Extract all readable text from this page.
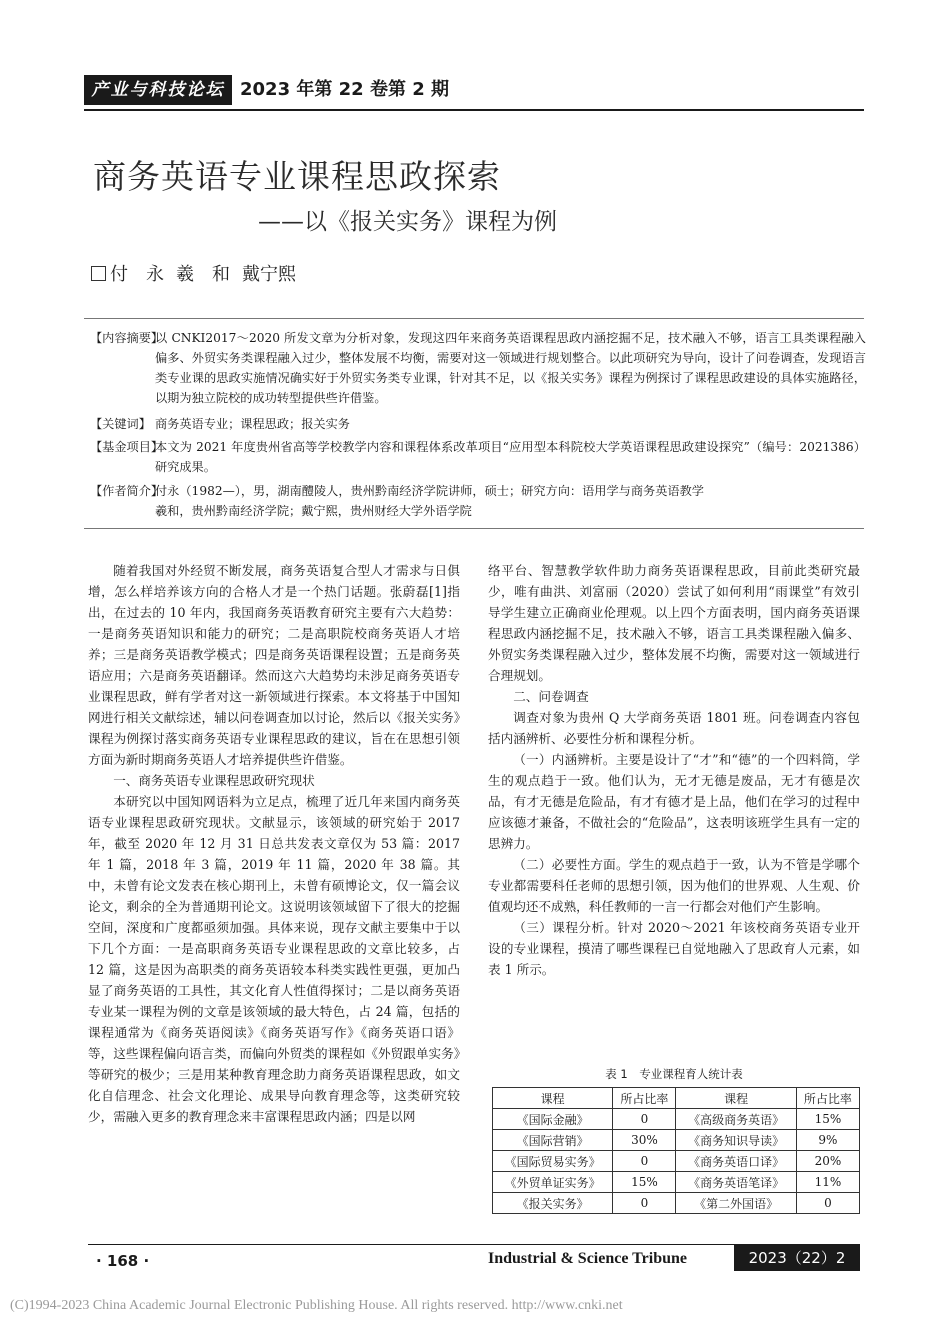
产业与科技论坛 2023 年第 22 卷第 2 期
商务英语专业课程思政探索
——以《报关实务》课程为例
付　永 羲　和 戴宁熙
【内容摘要】
以 CNKI2017～2020 所发文章为分析对象，发现这四年来商务英语课程思政内涵挖掘不足，技术融入不够，语言工具类课程融入偏多、外贸实务类课程融入过少，整体发展不均衡，需要对这一领域进行规划整合。以此项研究为导向，设计了问卷调查，发现语言类专业课的思政实施情况确实好于外贸实务类专业课，针对其不足，以《报关实务》课程为例探讨了课程思政建设的具体实施路径，以期为独立院校的成功转型提供些许借鉴。
【关键词】 商务英语专业；课程思政；报关实务
【基金项目】
本文为 2021 年度贵州省高等学校教学内容和课程体系改革项目“应用型本科院校大学英语课程思政建设探究”（编号：2021386）研究成果。
【作者简介】
付永（1982—），男，湖南醴陵人，贵州黔南经济学院讲师，硕士；研究方向：语用学与商务英语教学
羲和，贵州黔南经济学院；戴宁熙，贵州财经大学外语学院

随着我国对外经贸不断发展，商务英语复合型人才需求与日俱增，怎么样培养该方向的合格人才是一个热门话题。张蔚磊[1]指出，在过去的 10 年内，我国商务英语教育研究主要有六大趋势：一是商务英语知识和能力的研究；二是高职院校商务英语人才培养；三是商务英语教学模式；四是商务英语课程设置；五是商务英语应用；六是商务英语翻译。然而这六大趋势均未涉足商务英语专业课程思政，鲜有学者对这一新领域进行探索。本文将基于中国知网进行相关文献综述，辅以问卷调查加以讨论，然后以《报关实务》课程为例探讨落实商务英语专业课程思政的建议，旨在在思想引领方面为新时期商务英语人才培养提供些许借鉴。

一、商务英语专业课程思政研究现状

本研究以中国知网语料为立足点，梳理了近几年来国内商务英语专业课程思政研究现状。文献显示，该领域的研究始于 2017 年，截至 2020 年 12 月 31 日总共发表文章仅为 53 篇：2017 年 1 篇，2018 年 3 篇，2019 年 11 篇，2020 年 38 篇。其中，未曾有论文发表在核心期刊上，未曾有硕博论文，仅一篇会议论文，剩余的全为普通期刊论文。这说明该领域留下了很大的挖掘空间，深度和广度都亟须加强。具体来说，现存文献主要集中于以下几个方面：一是高职商务英语专业课程思政的文章比较多，占 12 篇，这是因为高职类的商务英语较本科类实践性更强，更加凸显了商务英语的工具性，其文化育人性值得探讨；二是以商务英语专业某一课程为例的文章是该领域的最大特色，占 24 篇，包括的课程通常为《商务英语阅读》《商务英语写作》《商务英语口语》等，这些课程偏向语言类，而偏向外贸类的课程如《外贸跟单实务》等研究的极少；三是用某种教育理念助力商务英语课程思政，如文化自信理念、社会文化理论、成果导向教育理念等，这类研究较少，需融入更多的教育理念来丰富课程思政内涵；四是以网

络平台、智慧教学软件助力商务英语课程思政，目前此类研究最少，唯有曲洪、刘富丽（2020）尝试了如何利用“雨课堂”有效引导学生建立正确商业伦理观。以上四个方面表明，国内商务英语课程思政内涵挖掘不足，技术融入不够，语言工具类课程融入偏多、外贸实务类课程融入过少，整体发展不均衡，需要对这一领域进行合理规划。

二、问卷调查

调查对象为贵州 Q 大学商务英语 1801 班。问卷调查内容包括内涵辨析、必要性分析和课程分析。

（一）内涵辨析。主要是设计了“才”和“德”的一个四料筒，学生的观点趋于一致。他们认为，无才无德是废品，无才有德是次品，有才无德是危险品，有才有德才是上品，他们在学习的过程中应该德才兼备，不做社会的“危险品”，这表明该班学生具有一定的思辨力。

（二）必要性方面。学生的观点趋于一致，认为不管是学哪个专业都需要科任老师的思想引领，因为他们的世界观、人生观、价值观均还不成熟，科任教师的一言一行都会对他们产生影响。

（三）课程分析。针对 2020～2021 年该校商务英语专业开设的专业课程，摸清了哪些课程已自觉地融入了思政育人元素，如表 1 所示。

表 1　专业课程育人统计表
课程	所占比率	课程	所占比率
《国际金融》	0	《高级商务英语》	15%
《国际营销》	30%	《商务知识导读》	9%
《国际贸易实务》	0	《商务英语口译》	20%
《外贸单证实务》	15%	《商务英语笔译》	11%
《报关实务》	0	《第二外国语》	0
· 168 ·	Industrial & Science Tribune	2023（22）2
(C)1994-2023 China Academic Journal Electronic Publishing House. All rights reserved. http://www.cnki.net
